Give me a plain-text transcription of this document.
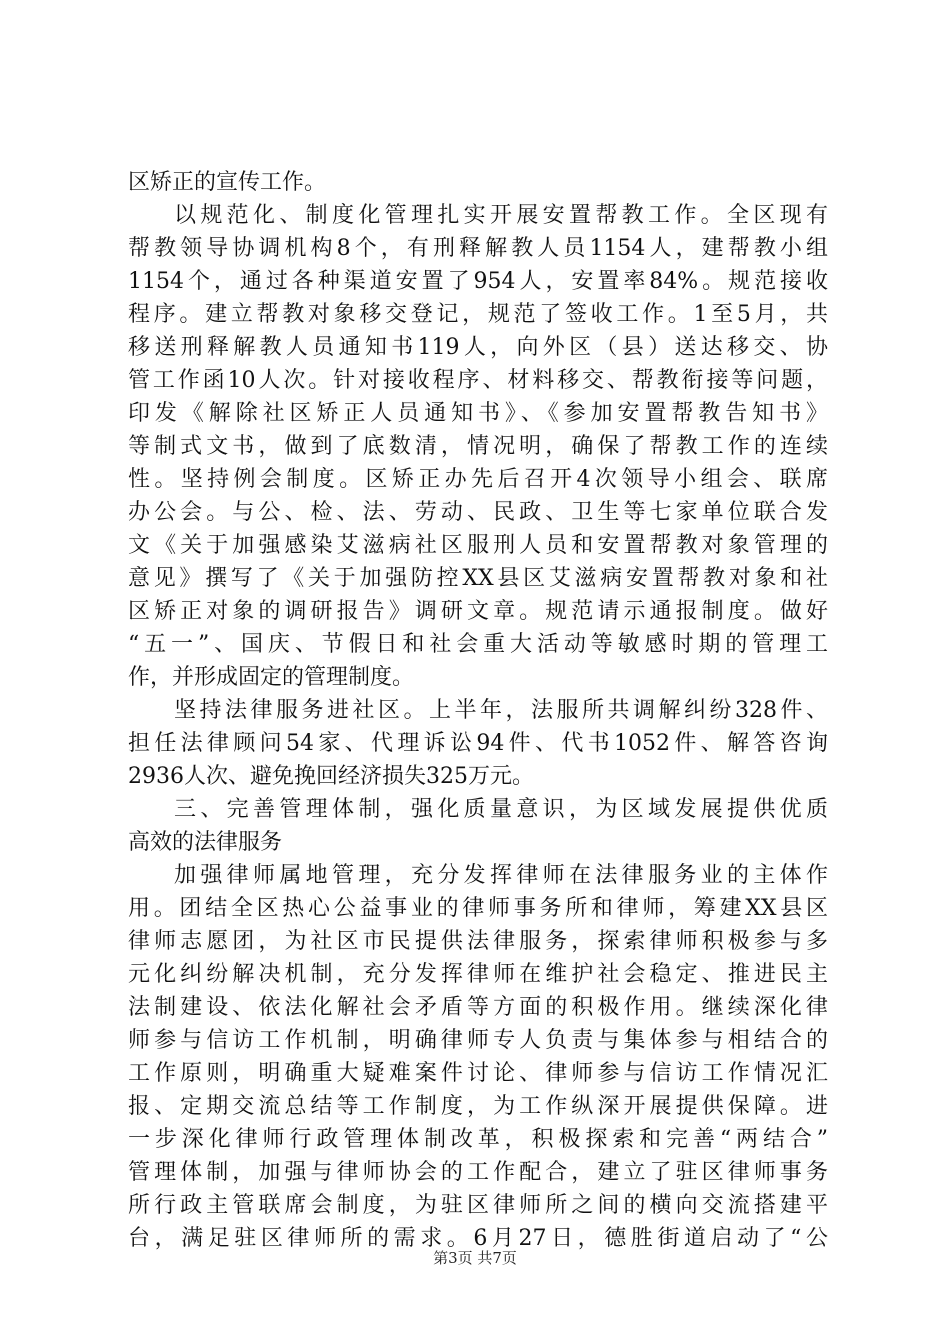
区矫正的宣传工作。
以规范化、制度化管理扎实开展安置帮教工作。全区现有
帮教领导协调机构8个，有刑释解教人员1154人，建帮教小组
1154个，通过各种渠道安置了954人，安置率84%。规范接收
程序。建立帮教对象移交登记，规范了签收工作。1至5月，共
移送刑释解教人员通知书119人，向外区（县）送达移交、协
管工作函10人次。针对接收程序、材料移交、帮教衔接等问题，
印发《解除社区矫正人员通知书》、《参加安置帮教告知书》
等制式文书，做到了底数清，情况明，确保了帮教工作的连续
性。坚持例会制度。区矫正办先后召开4次领导小组会、联席
办公会。与公、检、法、劳动、民政、卫生等七家单位联合发
文《关于加强感染艾滋病社区服刑人员和安置帮教对象管理的
意见》撰写了《关于加强防控XX县区艾滋病安置帮教对象和社
区矫正对象的调研报告》调研文章。规范请示通报制度。做好
“五一”、国庆、节假日和社会重大活动等敏感时期的管理工
作，并形成固定的管理制度。
坚持法律服务进社区。上半年，法服所共调解纠纷328件、
担任法律顾问54家、代理诉讼94件、代书1052件、解答咨询
2936人次、避免挽回经济损失325万元。
三、完善管理体制，强化质量意识，为区域发展提供优质
高效的法律服务
加强律师属地管理，充分发挥律师在法律服务业的主体作
用。团结全区热心公益事业的律师事务所和律师，筹建XX县区
律师志愿团，为社区市民提供法律服务，探索律师积极参与多
元化纠纷解决机制，充分发挥律师在维护社会稳定、推进民主
法制建设、依法化解社会矛盾等方面的积极作用。继续深化律
师参与信访工作机制，明确律师专人负责与集体参与相结合的
工作原则，明确重大疑难案件讨论、律师参与信访工作情况汇
报、定期交流总结等工作制度，为工作纵深开展提供保障。进
一步深化律师行政管理体制改革，积极探索和完善“两结合”
管理体制，加强与律师协会的工作配合，建立了驻区律师事务
所行政主管联席会制度，为驻区律师所之间的横向交流搭建平
台，满足驻区律师所的需求。6月27日，德胜街道启动了“公
第3页 共7页
